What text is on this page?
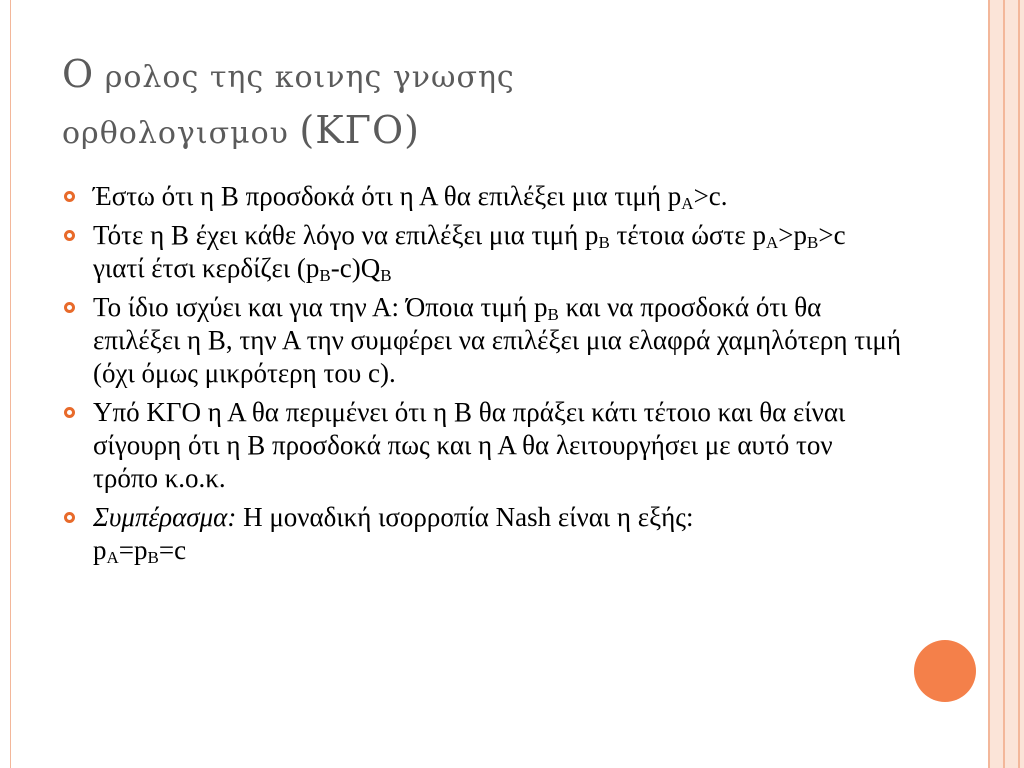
Ο ρολος της κοινης γνωσης
ορθολογισμου (ΚΓΟ)
Έστω ότι η Β προσδοκά ότι η Α θα επιλέξει μια τιμή $p_A>c$.
Τότε η Β έχει κάθε λόγο να επιλέξει μια τιμή $p_B$ τέτοια ώστε $p_A>p_B>c$ γιατί έτσι κερδίζει $(p_B-c)Q_B$
Το ίδιο ισχύει και για την Α: Όποια τιμή $p_B$ και να προσδοκά ότι θα επιλέξει η Β, την Α την συμφέρει να επιλέξει μια ελαφρά χαμηλότερη τιμή (όχι όμως μικρότερη του c).
Υπό ΚΓΟ η Α θα περιμένει ότι η Β θα πράξει κάτι τέτοιο και θα είναι σίγουρη ότι η Β προσδοκά πως και η Α θα λειτουργήσει με αυτό τον τρόπο κ.ο.κ.
Συμπέρασμα: Η μοναδική ισορροπία Nash είναι η $\varepsilon\xi ή\varsigma:p_A=p_B=c$
